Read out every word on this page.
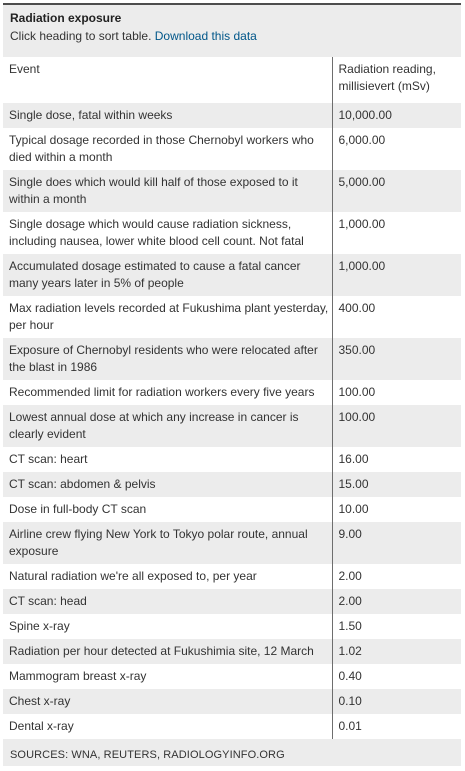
Radiation exposure
Click heading to sort table. Download this data
Event	Radiation reading, millisievert (mSv)
Single dose, fatal within weeks	10,000.00
Typical dosage recorded in those Chernobyl workers who died within a month	6,000.00
Single does which would kill half of those exposed to it within a month	5,000.00
Single dosage which would cause radiation sickness, including nausea, lower white blood cell count. Not fatal	1,000.00
Accumulated dosage estimated to cause a fatal cancer many years later in 5% of people	1,000.00
Max radiation levels recorded at Fukushima plant yesterday, per hour	400.00
Exposure of Chernobyl residents who were relocated after the blast in 1986	350.00
Recommended limit for radiation workers every five years	100.00
Lowest annual dose at which any increase in cancer is clearly evident	100.00
CT scan: heart	16.00
CT scan: abdomen & pelvis	15.00
Dose in full-body CT scan	10.00
Airline crew flying New York to Tokyo polar route, annual exposure	9.00
Natural radiation we're all exposed to, per year	2.00
CT scan: head	2.00
Spine x-ray	1.50
Radiation per hour detected at Fukushimia site, 12 March	1.02
Mammogram breast x-ray	0.40
Chest x-ray	0.10
Dental x-ray	0.01
SOURCES: WNA, REUTERS, RADIOLOGYINFO.ORG
